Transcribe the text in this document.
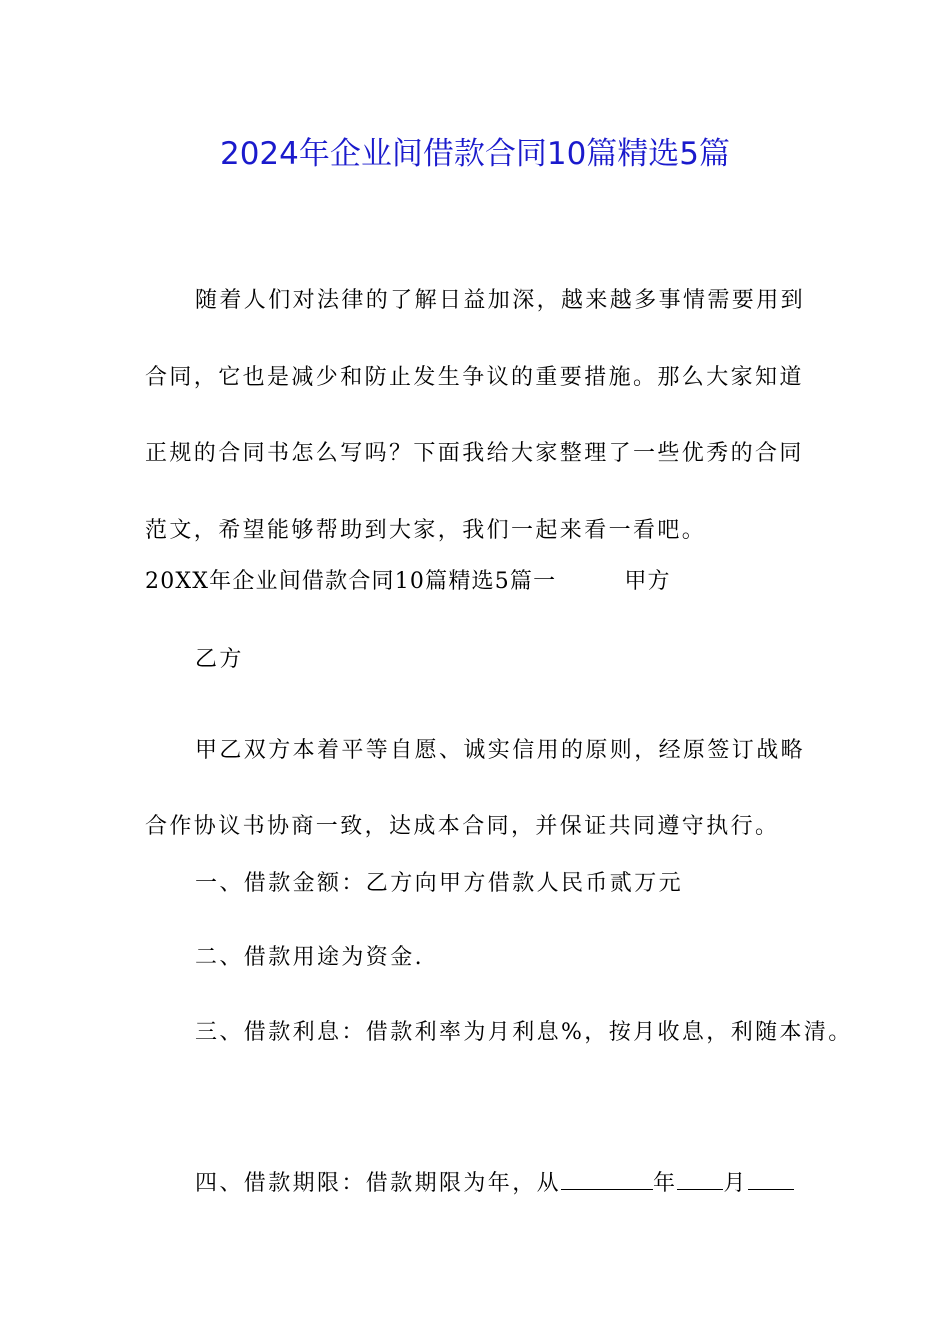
2024年企业间借款合同10篇精选5篇
随着人们对法律的了解日益加深，越来越多事情需要用到
合同，它也是减少和防止发生争议的重要措施。那么大家知道
正规的合同书怎么写吗？下面我给大家整理了一些优秀的合同
范文，希望能够帮助到大家，我们一起来看一看吧。
20XX年企业间借款合同10篇精选5篇一	甲方
乙方
甲乙双方本着平等自愿、诚实信用的原则，经原签订战略
合作协议书协商一致，达成本合同，并保证共同遵守执行。
一、借款金额：乙方向甲方借款人民币贰万元
二、借款用途为资金.
三、借款利息：借款利率为月利息%，按月收息，利随本清。
四、借款期限：借款期限为年，从	年 月
